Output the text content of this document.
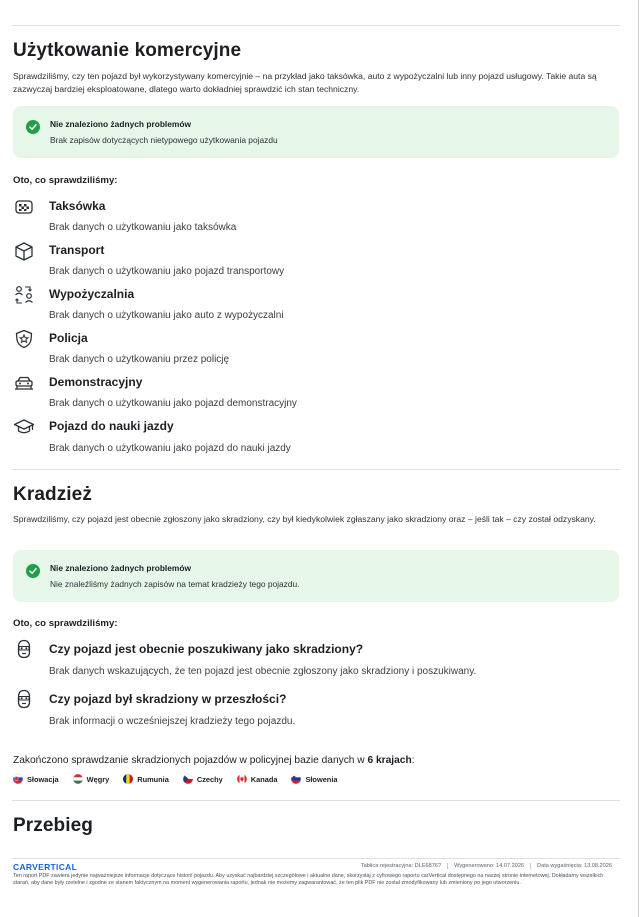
Użytkowanie komercyjne
Sprawdziliśmy, czy ten pojazd był wykorzystywany komercyjnie – na przykład jako taksówka, auto z wypożyczalni lub inny pojazd usługowy. Takie auta są zazwyczaj bardziej eksploatowane, dlatego warto dokładniej sprawdzić ich stan techniczny.
Nie znaleziono żadnych problemów
Brak zapisów dotyczących nietypowego użytkowania pojazdu
Oto, co sprawdziliśmy:
Taksówka
Brak danych o użytkowaniu jako taksówka
Transport
Brak danych o użytkowaniu jako pojazd transportowy
Wypożyczalnia
Brak danych o użytkowaniu jako auto z wypożyczalni
Policja
Brak danych o użytkowaniu przez policję
Demonstracyjny
Brak danych o użytkowaniu jako pojazd demonstracyjny
Pojazd do nauki jazdy
Brak danych o użytkowaniu jako pojazd do nauki jazdy
Kradzież
Sprawdziliśmy, czy pojazd jest obecnie zgłoszony jako skradziony, czy był kiedykolwiek zgłaszany jako skradziony oraz – jeśli tak – czy został odzyskany.
Nie znaleziono żadnych problemów
Nie znaleźliśmy żadnych zapisów na temat kradzieży tego pojazdu.
Oto, co sprawdziliśmy:
Czy pojazd jest obecnie poszukiwany jako skradziony?
Brak danych wskazujących, że ten pojazd jest obecnie zgłoszony jako skradziony i poszukiwany.
Czy pojazd był skradziony w przeszłości?
Brak informacji o wcześniejszej kradzieży tego pojazdu.
Zakończono sprawdzanie skradzionych pojazdów w policyjnej bazie danych w 6 krajach:
Słowacja	Węgry	Rumunia	Czechy	Kanada	Słowenia
Przebieg
CARVERTICAL	Tablica rejestracyjna: DLE6876?	Wygenerowano: 14.07.2026	Data wygaśnięcia: 13.08.2026
Ten raport PDF zawiera jedynie najważniejsze informacje dotyczące historii pojazdu. Aby uzyskać najbardziej szczegółowe i aktualne dane, skorzystaj z cyfrowego raportu carVertical dostępnego na naszej stronie internetowej. Dokładamy wszelkich starań, aby dane były rzetelne i zgodne ze stanem faktycznym na moment wygenerowania raportu, jednak nie możemy zagwarantować, że ten plik PDF nie został zmodyfikowany lub zmieniony po jego utworzeniu.
